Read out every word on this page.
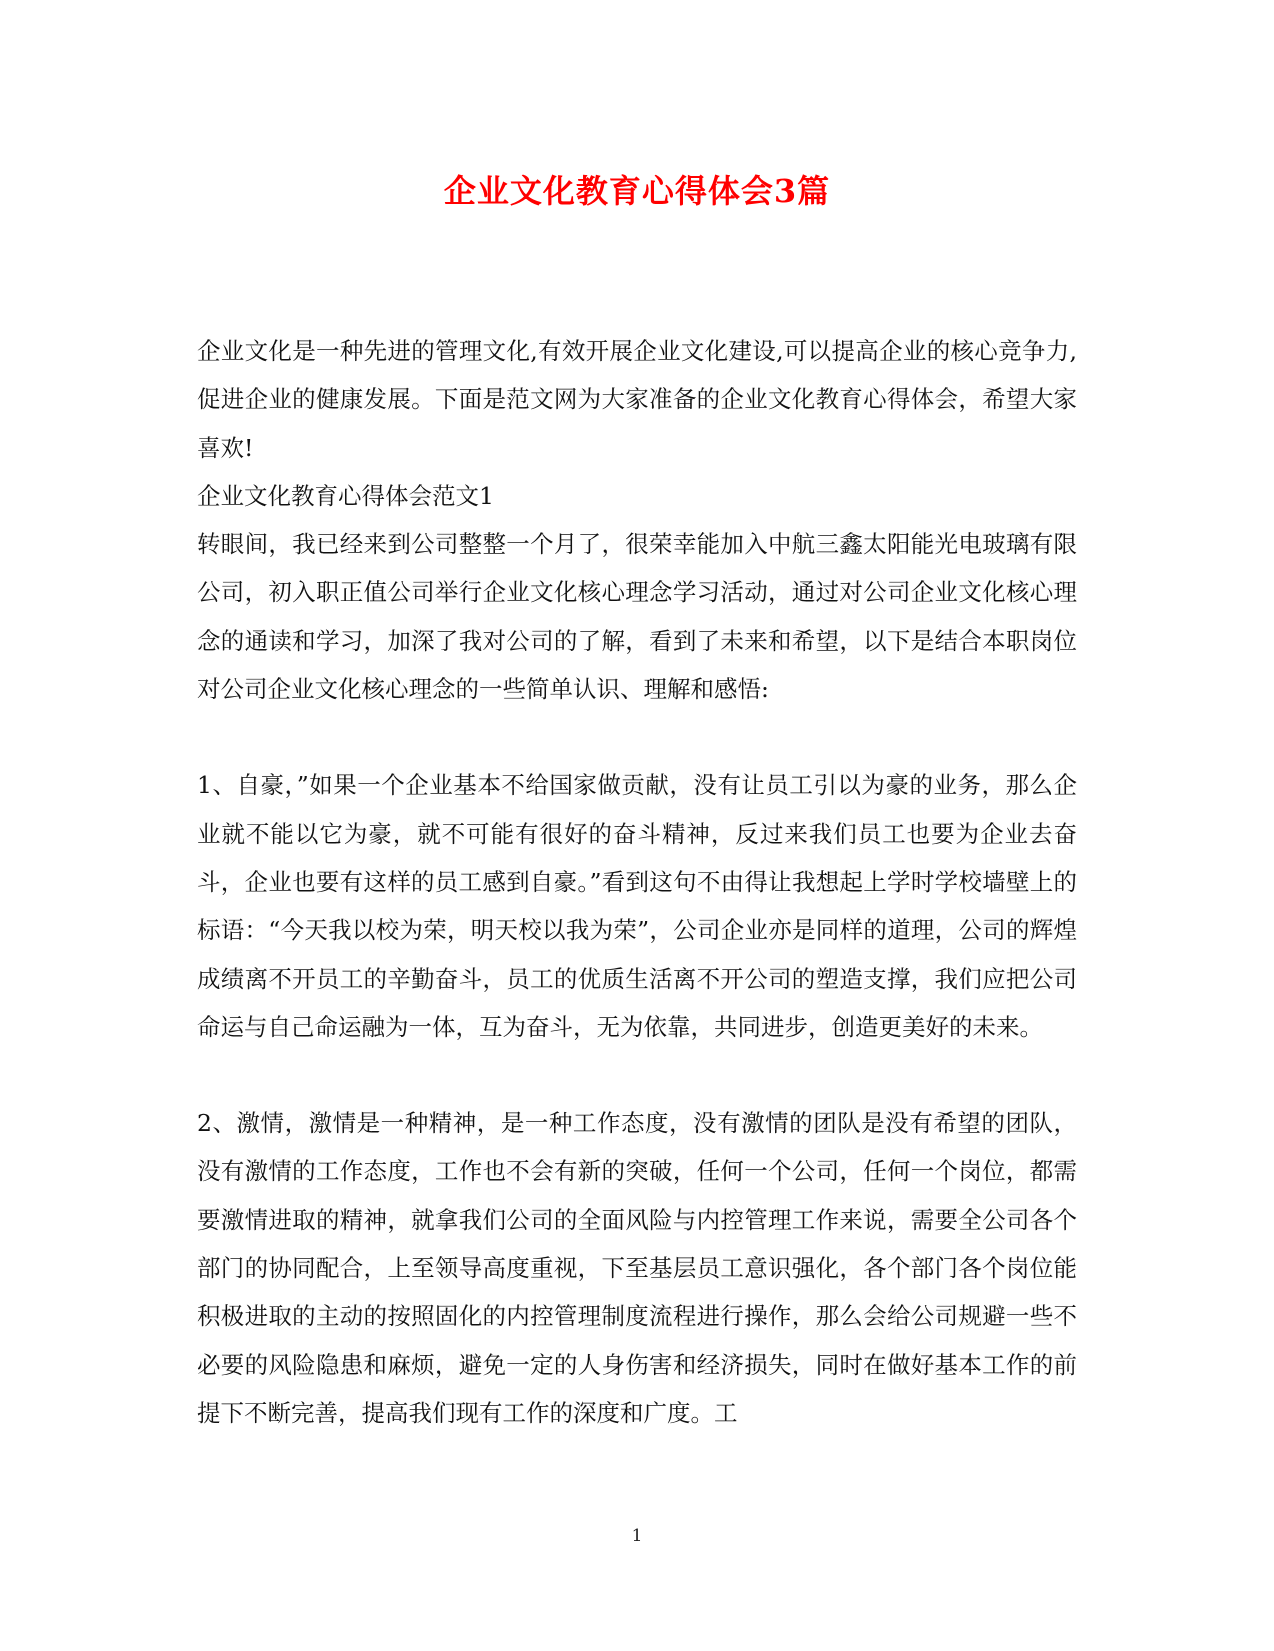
企业文化教育心得体会3篇

企业文化是一种先进的管理文化,有效开展企业文化建设,可以提高企业的核心竞争力,促进企业的健康发展。下面是范文网为大家准备的企业文化教育心得体会，希望大家喜欢!

企业文化教育心得体会范文1

转眼间，我已经来到公司整整一个月了，很荣幸能加入中航三鑫太阳能光电玻璃有限公司，初入职正值公司举行企业文化核心理念学习活动，通过对公司企业文化核心理念的通读和学习，加深了我对公司的了解，看到了未来和希望，以下是结合本职岗位对公司企业文化核心理念的一些简单认识、理解和感悟:

1、自豪，”如果一个企业基本不给国家做贡献，没有让员工引以为豪的业务，那么企业就不能以它为豪，就不可能有很好的奋斗精神，反过来我们员工也要为企业去奋斗，企业也要有这样的员工感到自豪。”看到这句不由得让我想起上学时学校墙壁上的标语：“今天我以校为荣，明天校以我为荣”，公司企业亦是同样的道理，公司的辉煌成绩离不开员工的辛勤奋斗，员工的优质生活离不开公司的塑造支撑，我们应把公司命运与自己命运融为一体，互为奋斗，无为依靠，共同进步，创造更美好的未来。

2、激情，激情是一种精神，是一种工作态度，没有激情的团队是没有希望的团队，没有激情的工作态度，工作也不会有新的突破，任何一个公司，任何一个岗位，都需要激情进取的精神，就拿我们公司的全面风险与内控管理工作来说，需要全公司各个部门的协同配合，上至领导高度重视，下至基层员工意识强化，各个部门各个岗位能积极进取的主动的按照固化的内控管理制度流程进行操作，那么会给公司规避一些不必要的风险隐患和麻烦，避免一定的人身伤害和经济损失，同时在做好基本工作的前提下不断完善，提高我们现有工作的深度和广度。工

1
